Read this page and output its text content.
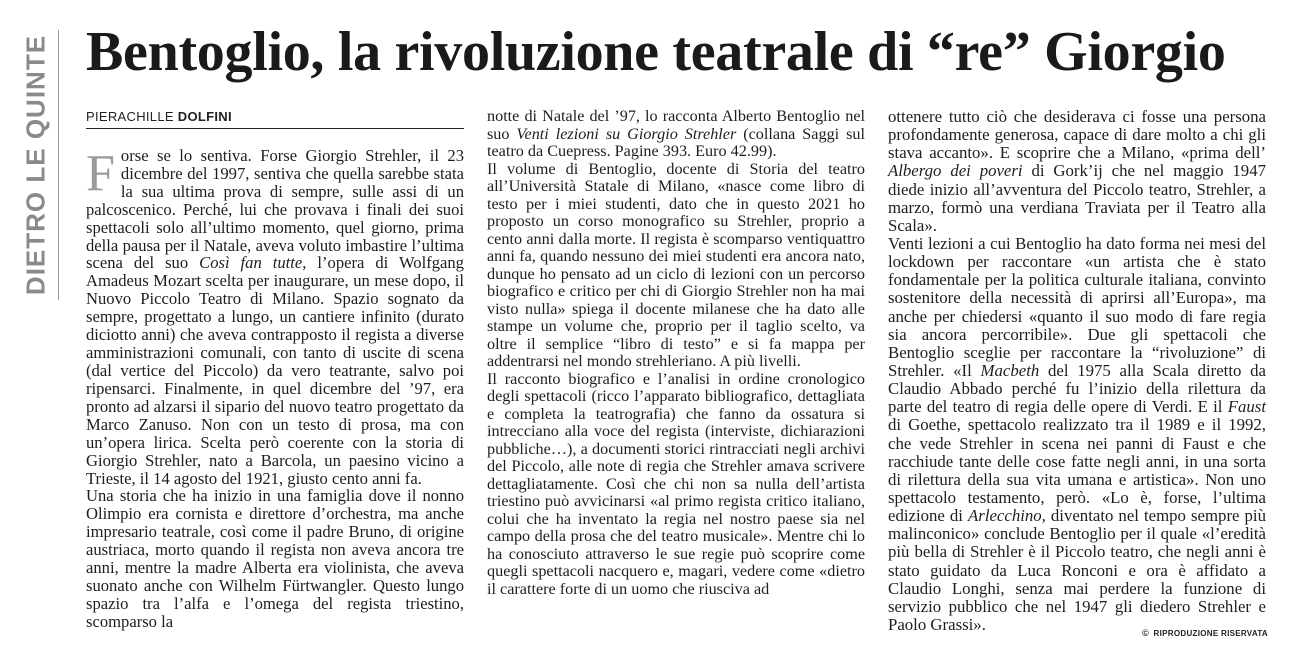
DIETRO LE QUINTE Bentoglio, la rivoluzione teatrale di “re” Giorgio
PIERACHILLE DOLFINI

Forse se lo sentiva. Forse Giorgio Strehler, il 23 dicembre del 1997, sentiva che quella sarebbe stata la sua ultima prova di sempre, sulle assi di un palcoscenico. Perché, lui che provava i finali dei suoi spettacoli solo all’ultimo momento, quel giorno, prima della pausa per il Natale, aveva voluto imbastire l’ultima scena del suo Così fan tutte, l’opera di Wolfgang Amadeus Mozart scelta per inaugurare, un mese dopo, il Nuovo Piccolo Teatro di Milano. Spazio sognato da sempre, progettato a lungo, un cantiere infinito (durato diciotto anni) che aveva contrapposto il regista a diverse amministrazioni comunali, con tanto di uscite di scena (dal vertice del Piccolo) da vero teatrante, salvo poi ripensarci. Finalmente, in quel dicembre del ’97, era pronto ad alzarsi il sipario del nuovo teatro progettato da Marco Zanuso. Non con un testo di prosa, ma con un’opera lirica. Scelta però coerente con la storia di Giorgio Strehler, nato a Barcola, un paesino vicino a Trieste, il 14 agosto del 1921, giusto cento anni fa.

Una storia che ha inizio in una famiglia dove il nonno Olimpio era cornista e direttore d’orchestra, ma anche impresario teatrale, così come il padre Bruno, di origine austriaca, morto quando il regista non aveva ancora tre anni, mentre la madre Alberta era violinista, che aveva suonato anche con Wilhelm Fürtwangler. Questo lungo spazio tra l’alfa e l’omega del regista triestino, scomparso la

notte di Natale del ’97, lo racconta Alberto Bentoglio nel suo Venti lezioni su Giorgio Strehler (collana Saggi sul teatro da Cuepress. Pagine 393. Euro 42.99).

Il volume di Bentoglio, docente di Storia del teatro all’Università Statale di Milano, «nasce come libro di testo per i miei studenti, dato che in questo 2021 ho proposto un corso monografico su Strehler, proprio a cento anni dalla morte. Il regista è scomparso ventiquattro anni fa, quando nessuno dei miei studenti era ancora nato, dunque ho pensato ad un ciclo di lezioni con un percorso biografico e critico per chi di Giorgio Strehler non ha mai visto nulla» spiega il docente milanese che ha dato alle stampe un volume che, proprio per il taglio scelto, va oltre il semplice “libro di testo” e si fa mappa per addentrarsi nel mondo strehleriano. A più livelli.

Il racconto biografico e l’analisi in ordine cronologico degli spettacoli (ricco l’apparato bibliografico, dettagliata e completa la teatrografia) che fanno da ossatura si intrecciano alla voce del regista (interviste, dichiarazioni pubbliche…), a documenti storici rintracciati negli archivi del Piccolo, alle note di regia che Strehler amava scrivere dettagliatamente. Così che chi non sa nulla dell’artista triestino può avvicinarsi «al primo regista critico italiano, colui che ha inventato la regia nel nostro paese sia nel campo della prosa che del teatro musicale». Mentre chi lo ha conosciuto attraverso le sue regie può scoprire come quegli spettacoli nacquero e, magari, vedere come «dietro il carattere forte di un uomo che riusciva ad

ottenere tutto ciò che desiderava ci fosse una persona profondamente generosa, capace di dare molto a chi gli stava accanto». E scoprire che a Milano, «prima dell’ Albergo dei poveri di Gork’ij che nel maggio 1947 diede inizio all’avventura del Piccolo teatro, Strehler, a marzo, formò una verdiana Traviata per il Teatro alla Scala».

Venti lezioni a cui Bentoglio ha dato forma nei mesi del lockdown per raccontare «un artista che è stato fondamentale per la politica culturale italiana, convinto sostenitore della necessità di aprirsi all’Europa», ma anche per chiedersi «quanto il suo modo di fare regia sia ancora percorribile». Due gli spettacoli che Bentoglio sceglie per raccontare la “rivoluzione” di Strehler. «Il Macbeth del 1975 alla Scala diretto da Claudio Abbado perché fu l’inizio della rilettura da parte del teatro di regia delle opere di Verdi. E il Faust di Goethe, spettacolo realizzato tra il 1989 e il 1992, che vede Strehler in scena nei panni di Faust e che racchiude tante delle cose fatte negli anni, in una sorta di rilettura della sua vita umana e artistica». Non uno spettacolo testamento, però. «Lo è, forse, l’ultima edizione di Arlecchino, diventato nel tempo sempre più malinconico» conclude Bentoglio per il quale «l’eredità più bella di Strehler è il Piccolo teatro, che negli anni è stato guidato da Luca Ronconi e ora è affidato a Claudio Longhi, senza mai perdere la funzione di servizio pubblico che nel 1947 gli diedero Strehler e Paolo Grassi».	© RIPRODUZIONE RISERVATA
